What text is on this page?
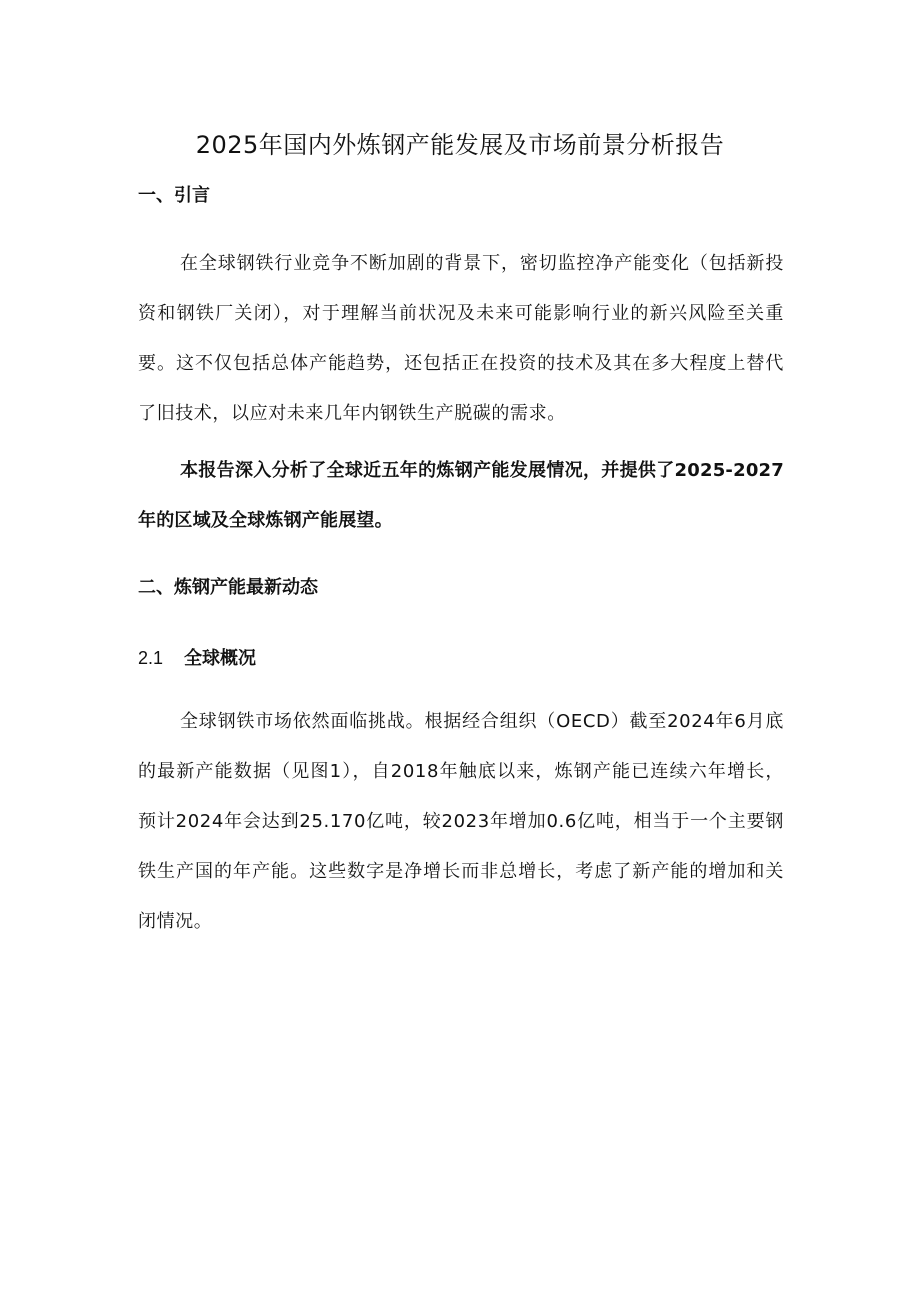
2025年国内外炼钢产能发展及市场前景分析报告
一、引言

在全球钢铁行业竞争不断加剧的背景下，密切监控净产能变化（包括新投资和钢铁厂关闭），对于理解当前状况及未来可能影响行业的新兴风险至关重要。这不仅包括总体产能趋势，还包括正在投资的技术及其在多大程度上替代了旧技术，以应对未来几年内钢铁生产脱碳的需求。

本报告深入分析了全球近五年的炼钢产能发展情况，并提供了2025-2027年的区域及全球炼钢产能展望。

二、炼钢产能最新动态
2.1 全球概况

全球钢铁市场依然面临挑战。根据经合组织（OECD）截至2024年6月底的最新产能数据（见图1），自2018年触底以来，炼钢产能已连续六年增长，预计2024年会达到25.170亿吨，较2023年增加0.6亿吨，相当于一个主要钢铁生产国的年产能。这些数字是净增长而非总增长，考虑了新产能的增加和关闭情况。
